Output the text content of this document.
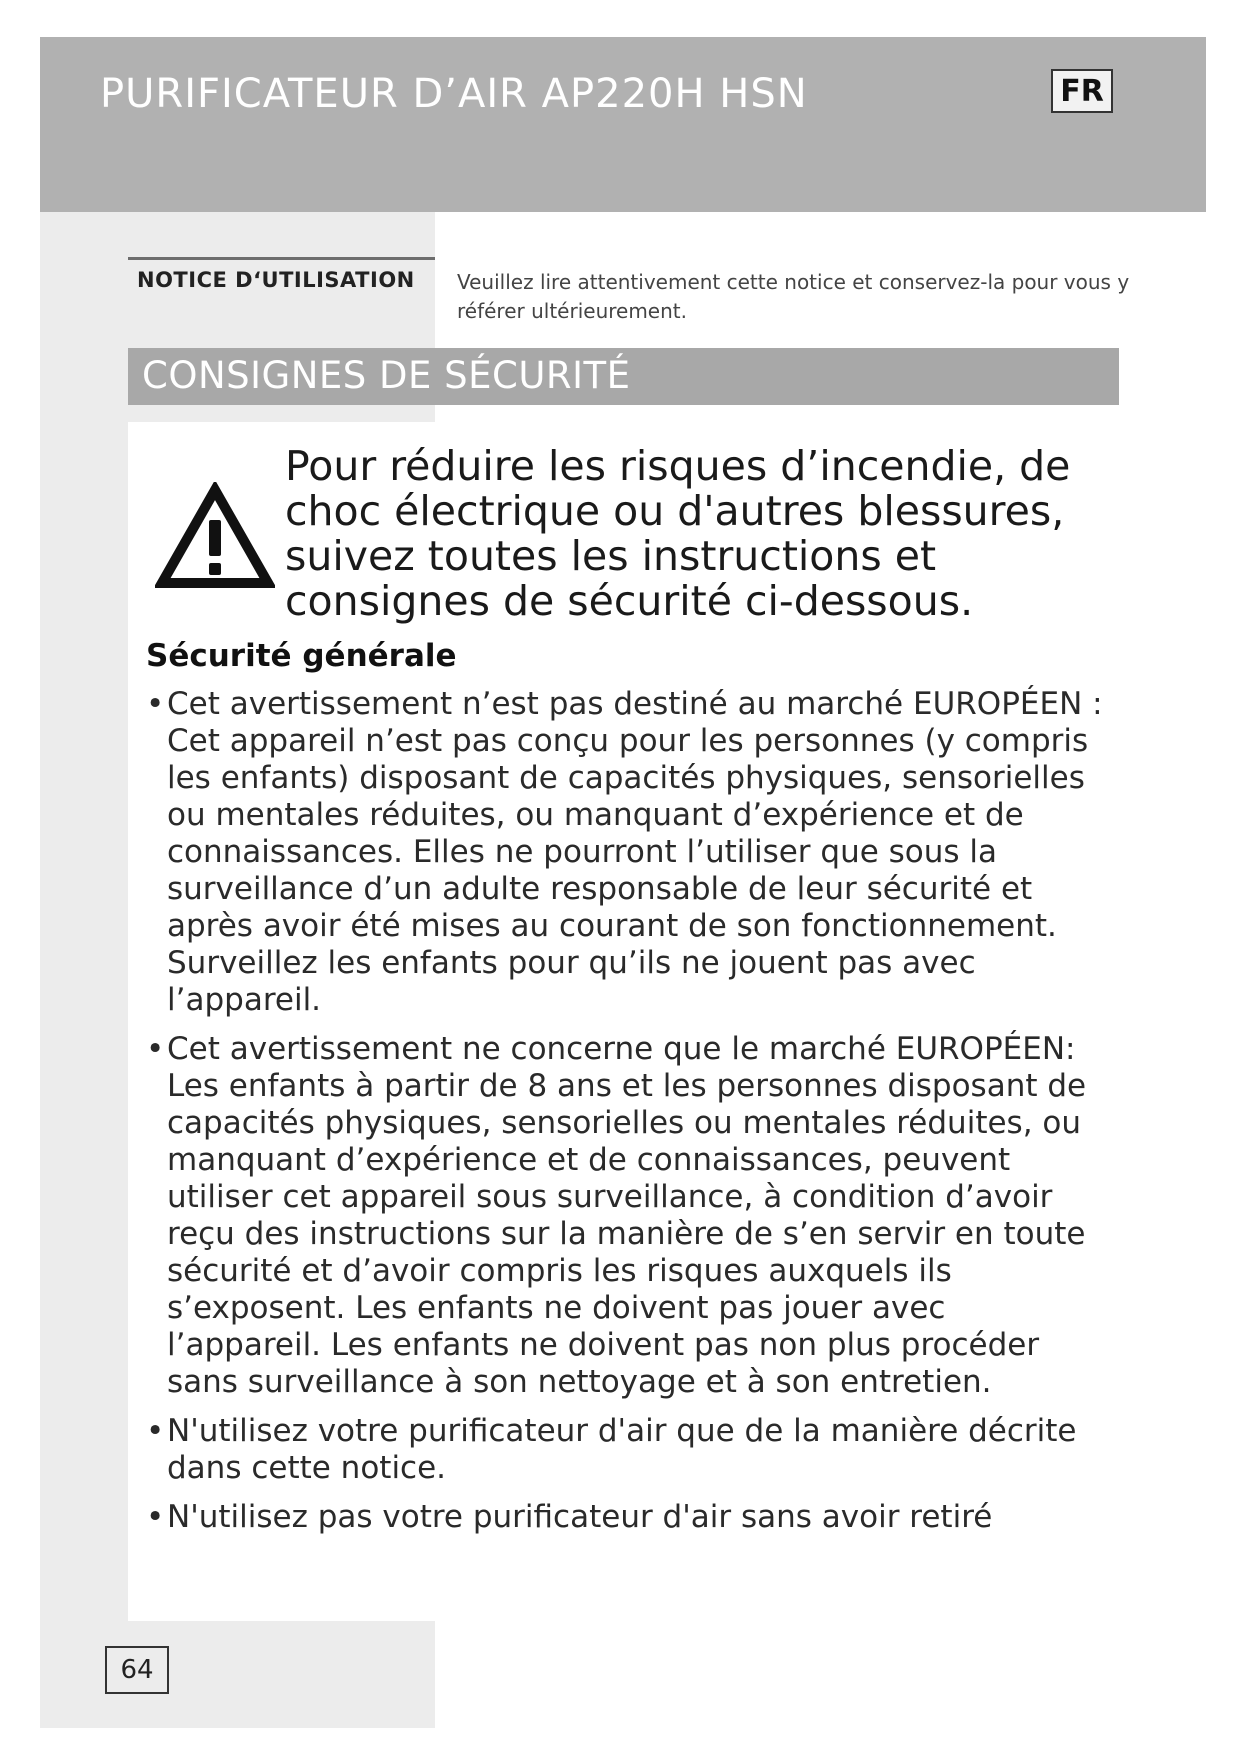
PURIFICATEUR D’AIR AP220H HSN	FR
NOTICE D‘UTILISATION Veuillez lire attentivement cette notice et conservez-la pour vous y référer ultérieurement.
CONSIGNES DE SÉCURITÉ
Pour réduire les risques d’incendie, de choc électrique ou d'autres blessures, suivez toutes les instructions et consignes de sécurité ci-dessous.
Sécurité générale
• Cet avertissement n’est pas destiné au marché EUROPÉEN :

Cet appareil n’est pas conçu pour les personnes (y compris les enfants) disposant de capacités physiques, sensorielles ou mentales réduites, ou manquant d’expérience et de connaissances. Elles ne pourront l’utiliser que sous la surveillance d’un adulte responsable de leur sécurité et après avoir été mises au courant de son fonctionnement.

Surveillez les enfants pour qu’ils ne jouent pas avec l’appareil.

• Cet avertissement ne concerne que le marché EUROPÉEN:

Les enfants à partir de 8 ans et les personnes disposant de capacités physiques, sensorielles ou mentales réduites, ou manquant d’expérience et de connaissances, peuvent utiliser cet appareil sous surveillance, à condition d’avoir reçu des instructions sur la manière de s’en servir en toute sécurité et d’avoir compris les risques auxquels ils s’exposent. Les enfants ne doivent pas jouer avec l’appareil. Les enfants ne doivent pas non plus procéder sans surveillance à son nettoyage et à son entretien.

• N'utilisez votre purificateur d'air que de la manière décrite dans cette notice.

• N'utilisez pas votre purificateur d'air sans avoir retiré

64
